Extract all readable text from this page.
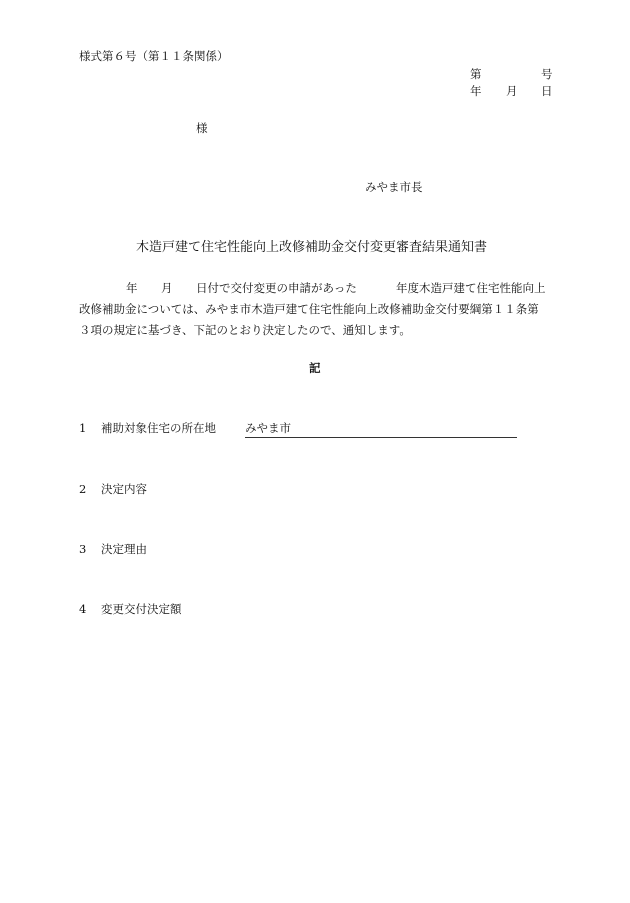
様式第６号（第１１条関係）
第	号
年 月 日
様
みやま市長
木造戸建て住宅性能向上改修補助金交付変更審査結果通知書
年 月 日付で交付変更の申請があった	年度木造戸建て住宅性能向上
改修補助金については、みやま市木造戸建て住宅性能向上改修補助金交付要綱第１１条第
３項の規定に基づき、下記のとおり決定したので、通知します。
記
1 補助対象住宅の所在地	みやま市
2 決定内容
3 決定理由
4 変更交付決定額
